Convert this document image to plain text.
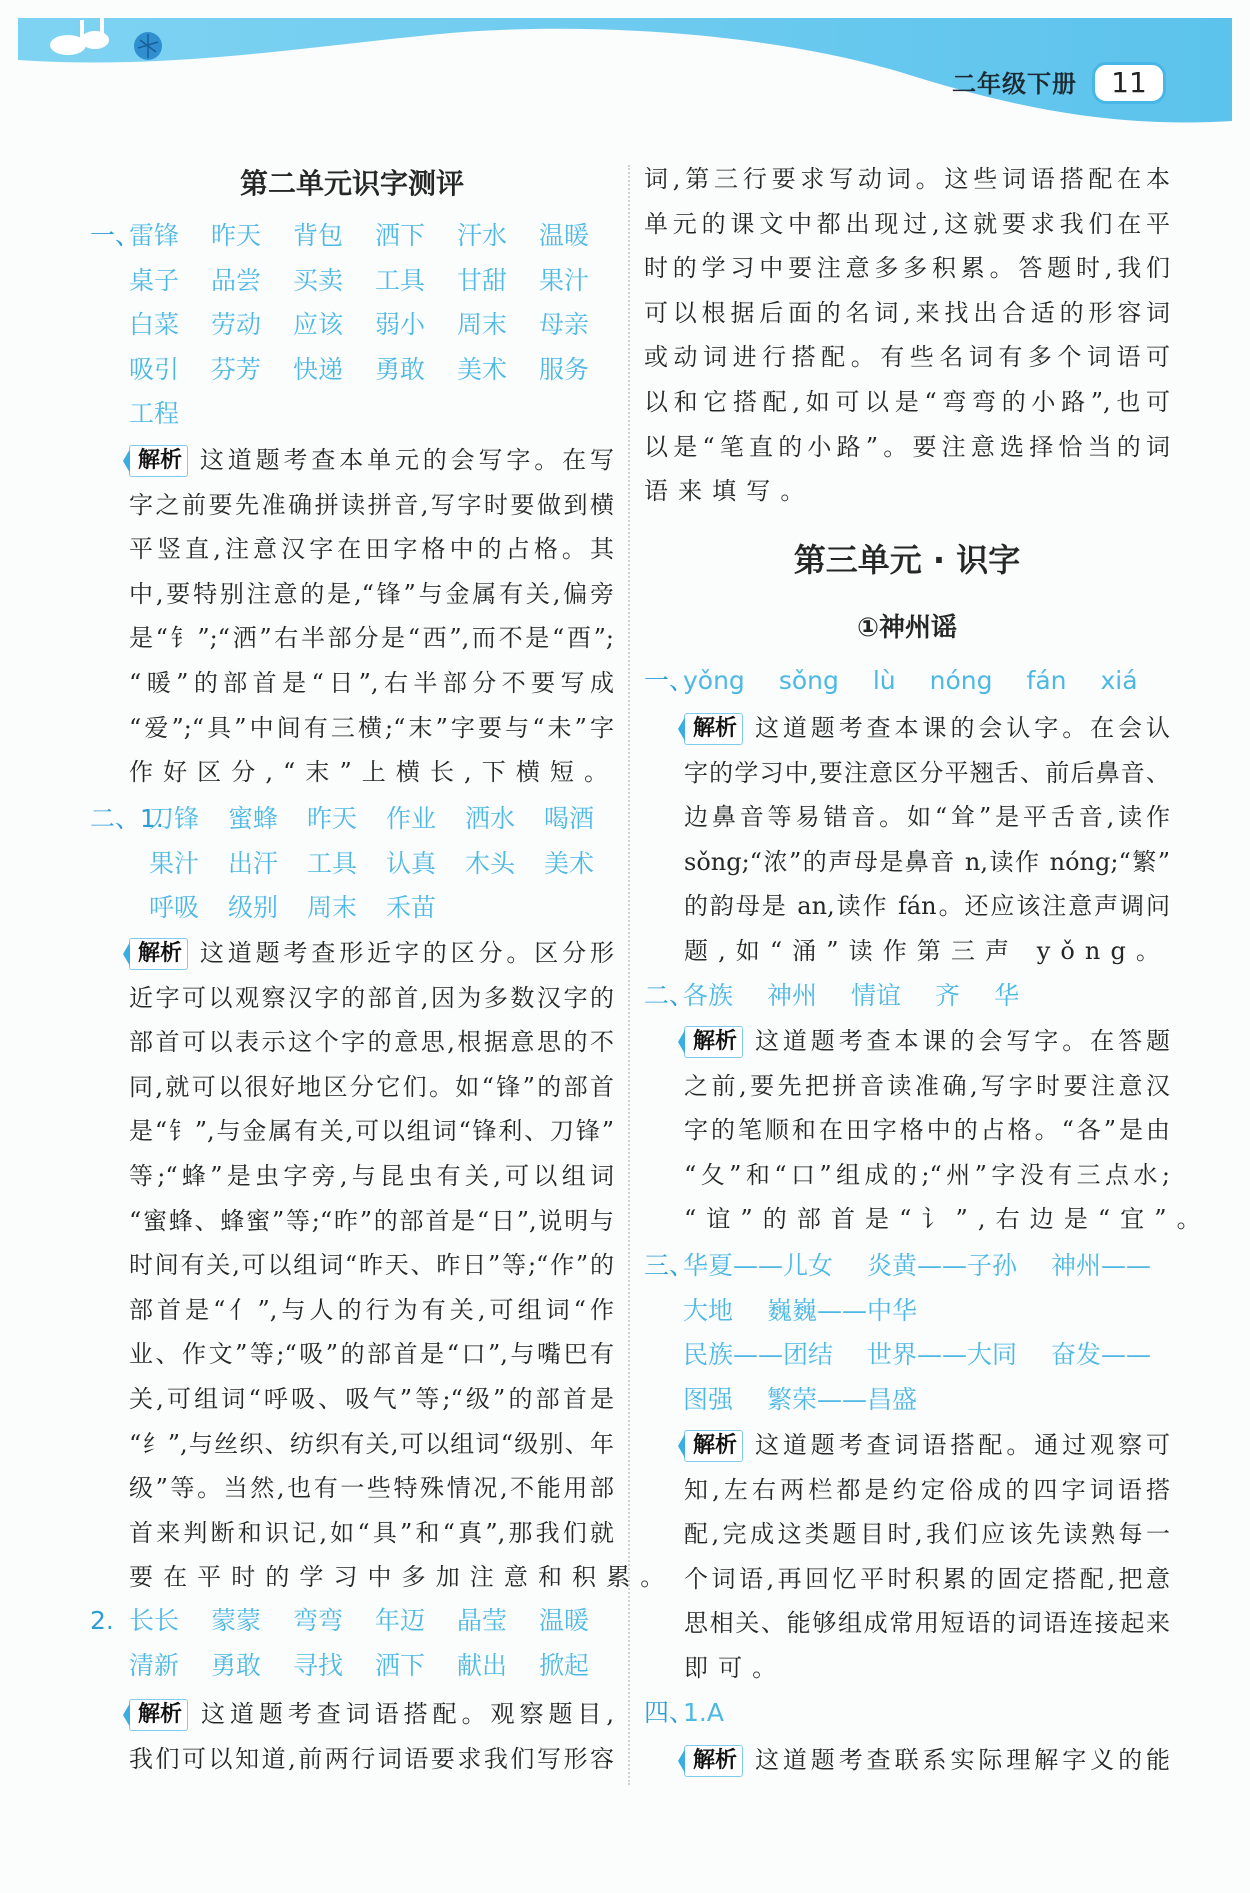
二年级下册	11
第二单元识字测评
一、雷锋 昨天 背包 洒下 汗水 温暖
桌子 品尝 买卖 工具 甘甜 果汁
白菜 劳动 应该 弱小 周末 母亲
吸引 芬芳 快递 勇敢 美术 服务
工程
解析 这道题考查本单元的会写字。在写
字之前要先准确拼读拼音,写字时要做到横
平竖直,注意汉字在田字格中的占格。其
中,要特别注意的是,“锋”与金属有关,偏旁
是“钅”;“洒”右半部分是“西”,而不是“酉”;
“暖”的部首是“日”,右半部分不要写成
“爱”;“具”中间有三横;“末”字要与“未”字
作好区分,“末”上横长,下横短。
二、1.刀锋 蜜蜂 昨天 作业 洒水 喝酒
果汁 出汗 工具 认真 木头 美术
呼吸 级别 周末 禾苗
解析 这道题考查形近字的区分。区分形
近字可以观察汉字的部首,因为多数汉字的
部首可以表示这个字的意思,根据意思的不
同,就可以很好地区分它们。如“锋”的部首
是“钅”,与金属有关,可以组词“锋利、刀锋”
等;“蜂”是虫字旁,与昆虫有关,可以组词
“蜜蜂、蜂蜜”等;“昨”的部首是“日”,说明与
时间有关,可以组词“昨天、昨日”等;“作”的
部首是“亻”,与人的行为有关,可组词“作
业、作文”等;“吸”的部首是“口”,与嘴巴有
关,可组词“呼吸、吸气”等;“级”的部首是
“纟”,与丝织、纺织有关,可以组词“级别、年
级”等。当然,也有一些特殊情况,不能用部
首来判断和识记,如“具”和“真”,那我们就
要在平时的学习中多加注意和积累。
2. 长长 蒙蒙 弯弯 年迈 晶莹 温暖
清新 勇敢 寻找 洒下 献出 掀起
解析 这道题考查词语搭配。观察题目,
我们可以知道,前两行词语要求我们写形容
词,第三行要求写动词。这些词语搭配在本
单元的课文中都出现过,这就要求我们在平
时的学习中要注意多多积累。答题时,我们
可以根据后面的名词,来找出合适的形容词
或动词进行搭配。有些名词有多个词语可
以和它搭配,如可以是“弯弯的小路”,也可
以是“笔直的小路”。要注意选择恰当的词
语来填写。
第三单元 · 识字
①神州谣
一、yǒng sǒng lù nóng fán xiá
解析 这道题考查本课的会认字。在会认
字的学习中,要注意区分平翘舌、前后鼻音、
边鼻音等易错音。如“耸”是平舌音,读作
sǒng;“浓”的声母是鼻音 n,读作 nóng;“繁”
的韵母是 an,读作 fán。还应该注意声调问
题,如“涌”读作第三声 yǒng。
二、各族 神州 情谊 齐 华
解析 这道题考查本课的会写字。在答题
之前,要先把拼音读准确,写字时要注意汉
字的笔顺和在田字格中的占格。“各”是由
“夂”和“口”组成的;“州”字没有三点水;
“谊”的部首是“讠”,右边是“宜”。
三、华夏——儿女 炎黄——子孙 神州——
大地 巍巍——中华
民族——团结 世界——大同 奋发——
图强 繁荣——昌盛
解析 这道题考查词语搭配。通过观察可
知,左右两栏都是约定俗成的四字词语搭
配,完成这类题目时,我们应该先读熟每一
个词语,再回忆平时积累的固定搭配,把意
思相关、能够组成常用短语的词语连接起来
即可。
四、1.A
解析 这道题考查联系实际理解字义的能
